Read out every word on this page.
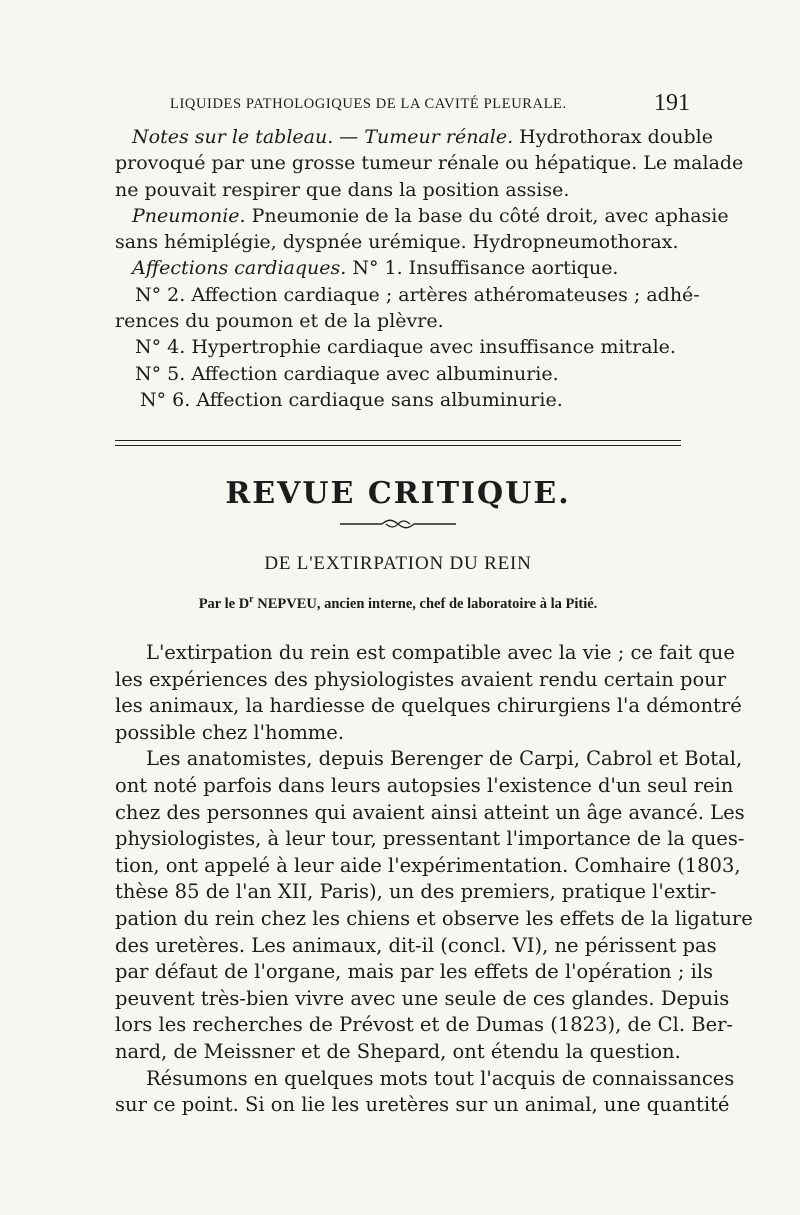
LIQUIDES PATHOLOGIQUES DE LA CAVITÉ PLEURALE.	191
Notes sur le tableau. — Tumeur rénale. Hydrothorax double
provoqué par une grosse tumeur rénale ou hépatique. Le malade
ne pouvait respirer que dans la position assise.
Pneumonie. Pneumonie de la base du côté droit, avec aphasie
sans hémiplégie, dyspnée urémique. Hydropneumothorax.
Affections cardiaques. N° 1. Insuffisance aortique.
N° 2. Affection cardiaque ; artères athéromateuses ; adhé-
rences du poumon et de la plèvre.
N° 4. Hypertrophie cardiaque avec insuffisance mitrale.
N° 5. Affection cardiaque avec albuminurie.
N° 6. Affection cardiaque sans albuminurie.
REVUE CRITIQUE.
DE L'EXTIRPATION DU REIN
Par le $D^r$ NEPVEU, ancien interne, chef de laboratoire à la Pitié.
L'extirpation du rein est compatible avec la vie ; ce fait que
les expériences des physiologistes avaient rendu certain pour
les animaux, la hardiesse de quelques chirurgiens l'a démontré
possible chez l'homme.
Les anatomistes, depuis Berenger de Carpi, Cabrol et Botal,
ont noté parfois dans leurs autopsies l'existence d'un seul rein
chez des personnes qui avaient ainsi atteint un âge avancé. Les
physiologistes, à leur tour, pressentant l'importance de la ques-
tion, ont appelé à leur aide l'expérimentation. Comhaire (1803,
thèse 85 de l'an XII, Paris), un des premiers, pratique l'extir-
pation du rein chez les chiens et observe les effets de la ligature
des uretères. Les animaux, dit-il (concl. VI), ne périssent pas
par défaut de l'organe, mais par les effets de l'opération ; ils
peuvent très-bien vivre avec une seule de ces glandes. Depuis
lors les recherches de Prévost et de Dumas (1823), de Cl. Ber-
nard, de Meissner et de Shepard, ont étendu la question.
Résumons en quelques mots tout l'acquis de connaissances
sur ce point. Si on lie les uretères sur un animal, une quantité
